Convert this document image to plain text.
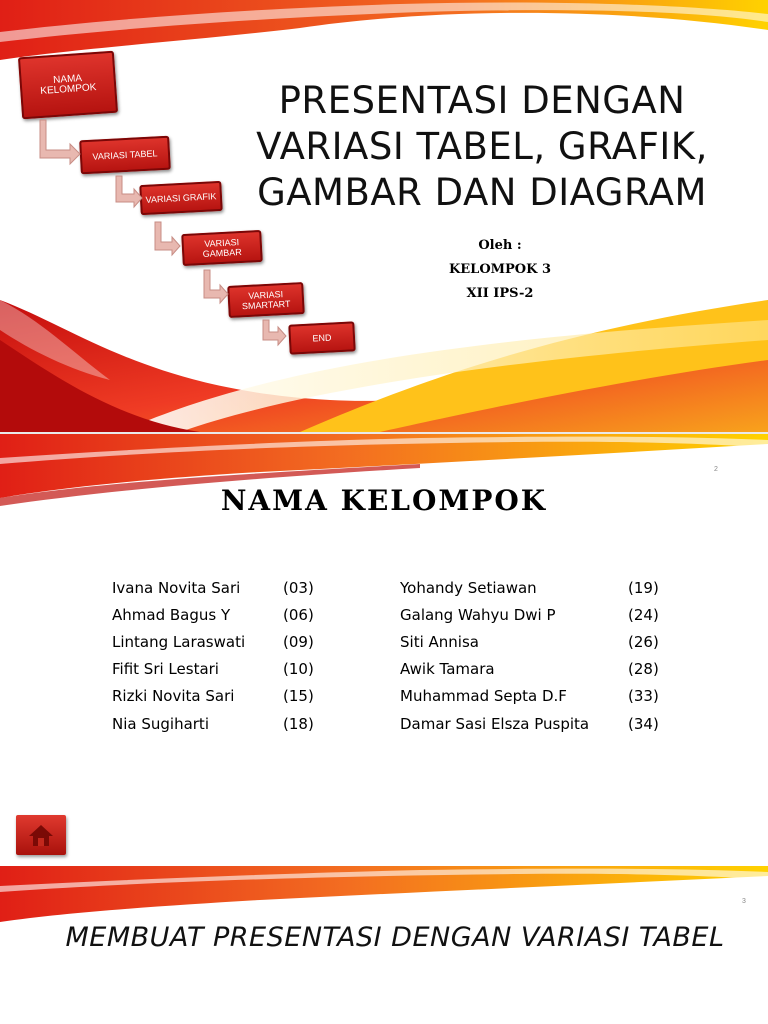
NAMA KELOMPOK
VARIASI TABEL
VARIASI GRAFIK
VARIASI GAMBAR
VARIASI SMARTART
END
PRESENTASI DENGAN VARIASI TABEL, GRAFIK, GAMBAR DAN DIAGRAM
Oleh :
KELOMPOK 3
XII IPS-2
2
NAMA KELOMPOK
Ivana Novita Sari	(03)
Ahmad Bagus Y	(06)
Lintang Laraswati	(09)
Fifit Sri Lestari	(10)
Rizki Novita Sari	(15)
Nia Sugiharti	(18)
Yohandy Setiawan	(19)
Galang Wahyu Dwi P	(24)
Siti Annisa	(26)
Awik Tamara	(28)
Muhammad Septa D.F	(33)
Damar Sasi Elsza Puspita	(34)
3
MEMBUAT PRESENTASI DENGAN VARIASI TABEL
